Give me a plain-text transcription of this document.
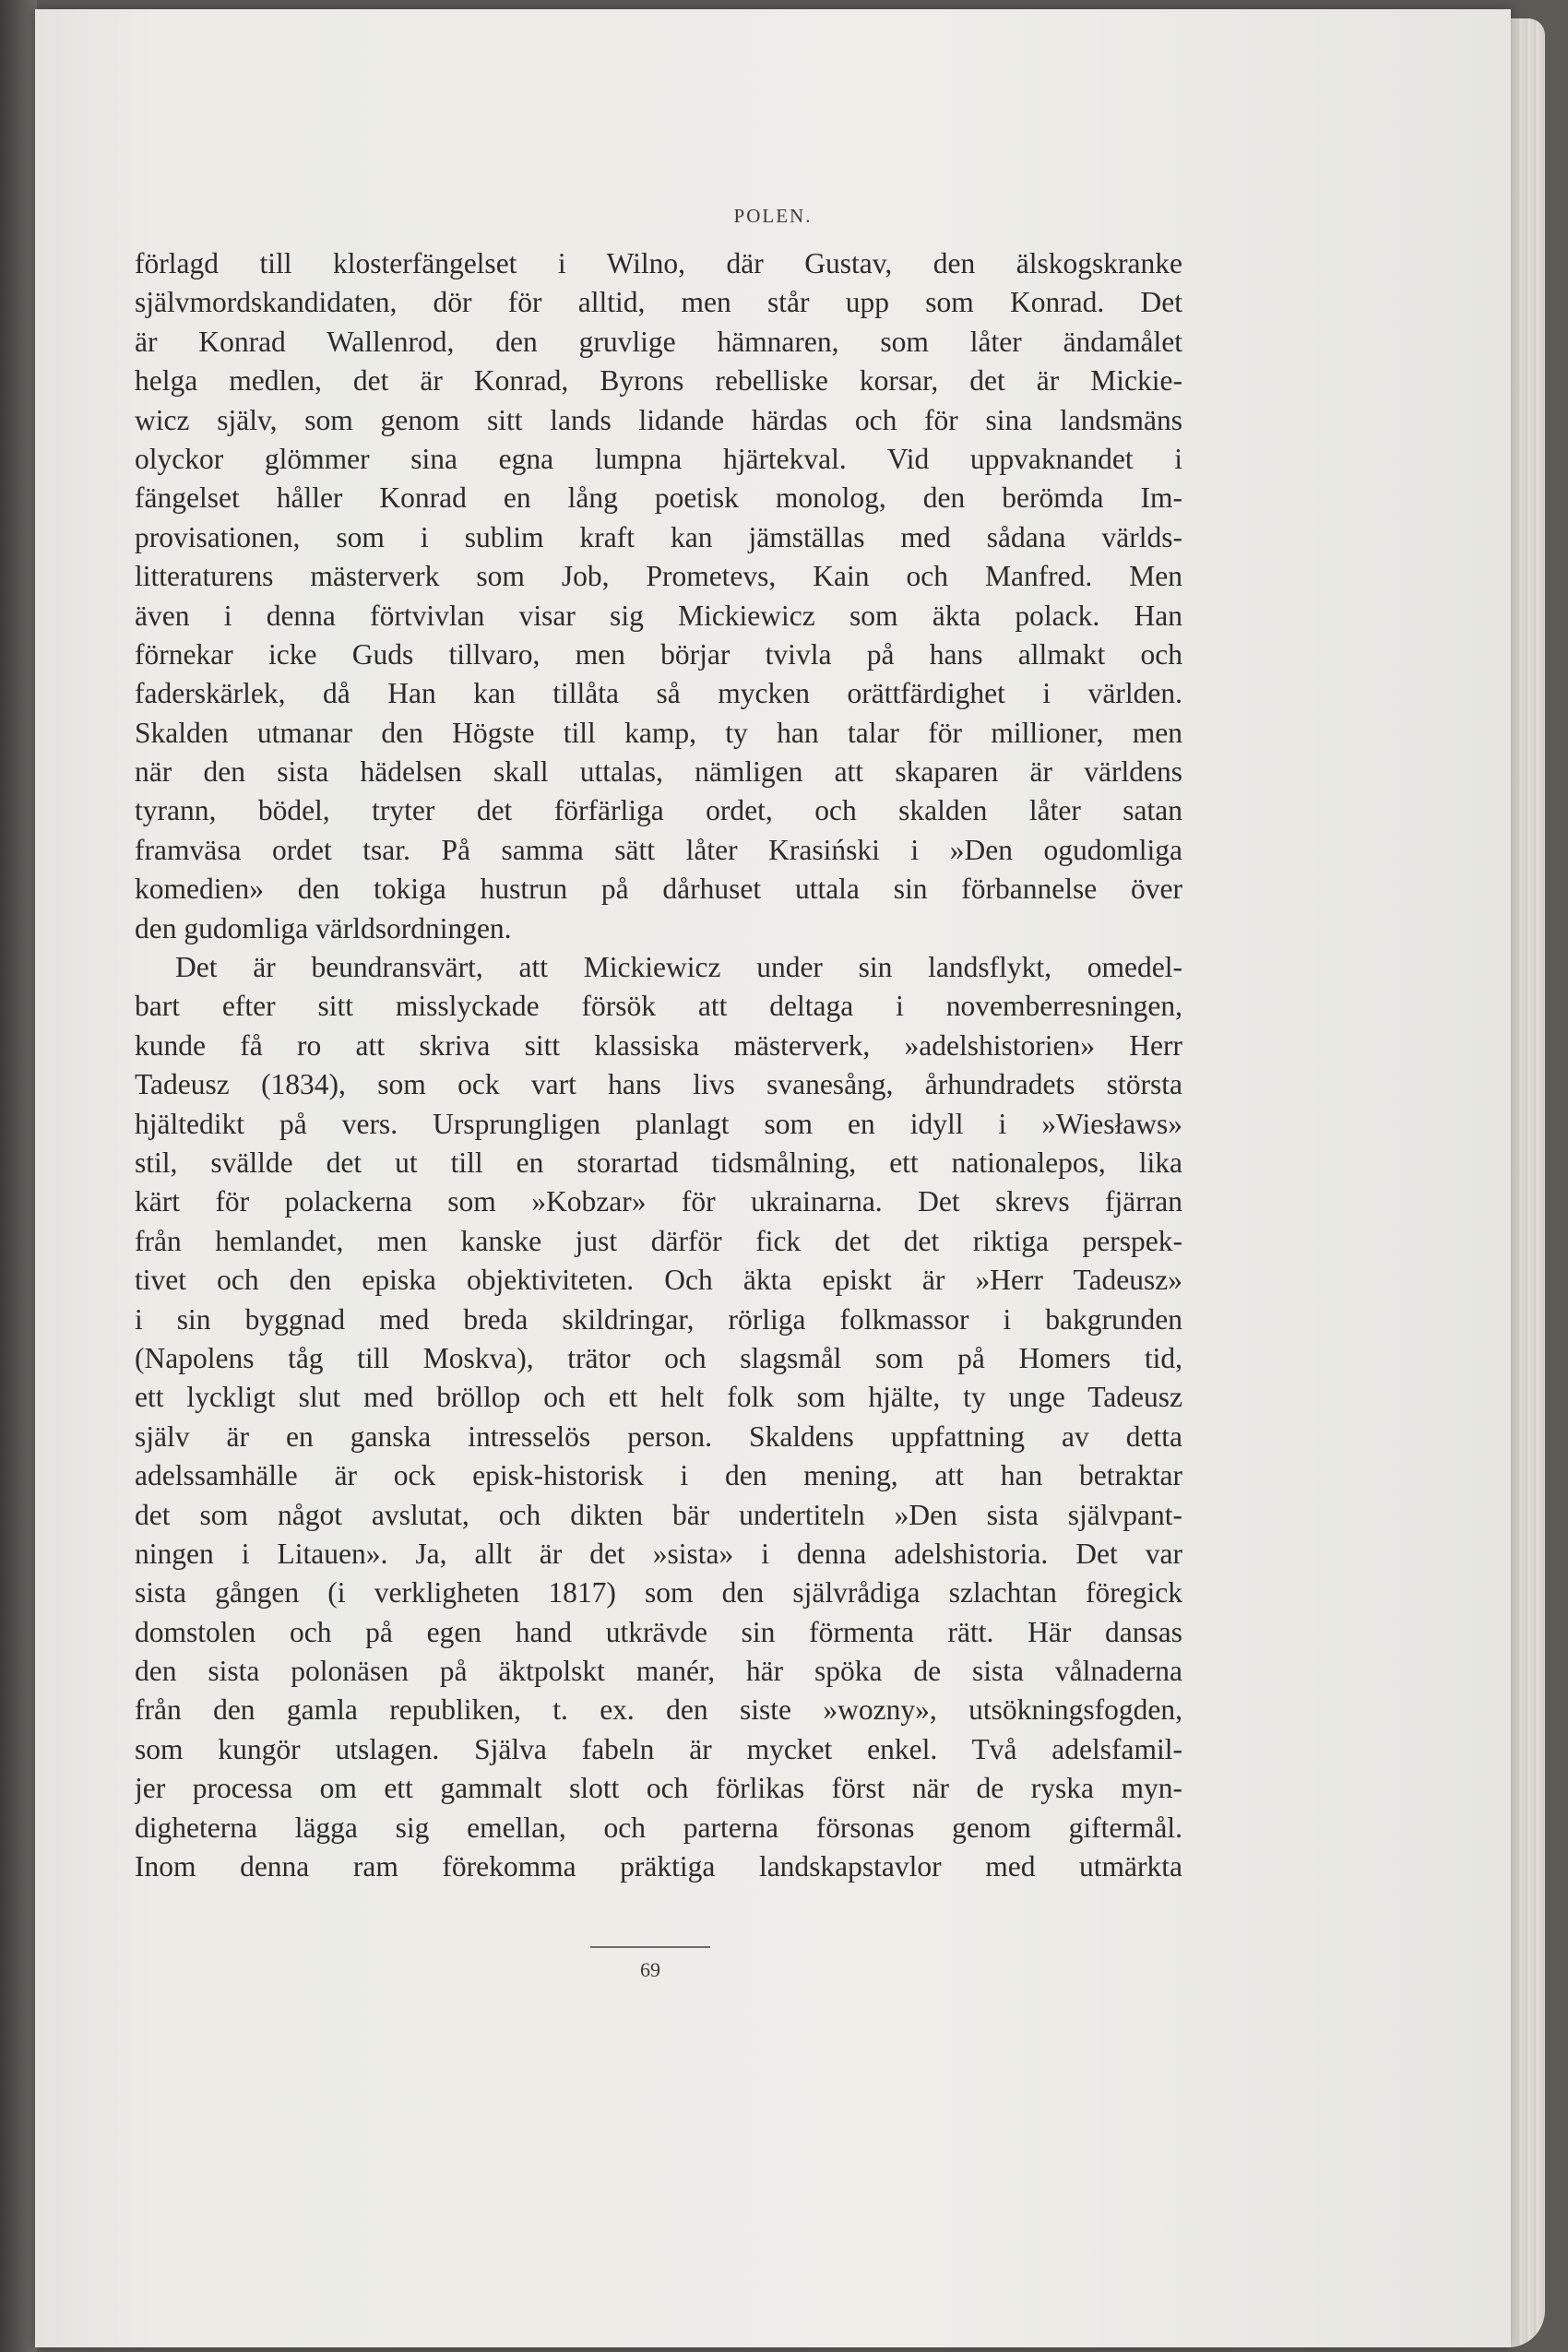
POLEN.
förlagd till klosterfängelset i Wilno, där Gustav, den älskogskranke
självmordskandidaten, dör för alltid, men står upp som Konrad. Det
är Konrad Wallenrod, den gruvlige hämnaren, som låter ändamålet
helga medlen, det är Konrad, Byrons rebelliske korsar, det är Mickie-
wicz själv, som genom sitt lands lidande härdas och för sina landsmäns
olyckor glömmer sina egna lumpna hjärtekval. Vid uppvaknandet i
fängelset håller Konrad en lång poetisk monolog, den berömda Im-
provisationen, som i sublim kraft kan jämställas med sådana världs-
litteraturens mästerverk som Job, Prometevs, Kain och Manfred. Men
även i denna förtvivlan visar sig Mickiewicz som äkta polack. Han
förnekar icke Guds tillvaro, men börjar tvivla på hans allmakt och
faderskärlek, då Han kan tillåta så mycken orättfärdighet i världen.
Skalden utmanar den Högste till kamp, ty han talar för millioner, men
när den sista hädelsen skall uttalas, nämligen att skaparen är världens
tyrann, bödel, tryter det förfärliga ordet, och skalden låter satan
framväsa ordet tsar. På samma sätt låter Krasiński i »Den ogudomliga
komedien» den tokiga hustrun på dårhuset uttala sin förbannelse över
den gudomliga världsordningen.
Det är beundransvärt, att Mickiewicz under sin landsflykt, omedel-
bart efter sitt misslyckade försök att deltaga i novemberresningen,
kunde få ro att skriva sitt klassiska mästerverk, »adelshistorien» Herr
Tadeusz (1834), som ock vart hans livs svanesång, århundradets största
hjältedikt på vers. Ursprungligen planlagt som en idyll i »Wiesławs»
stil, svällde det ut till en storartad tidsmålning, ett nationalepos, lika
kärt för polackerna som »Kobzar» för ukrainarna. Det skrevs fjärran
från hemlandet, men kanske just därför fick det det riktiga perspek-
tivet och den episka objektiviteten. Och äkta episkt är »Herr Tadeusz»
i sin byggnad med breda skildringar, rörliga folkmassor i bakgrunden
(Napolens tåg till Moskva), trätor och slagsmål som på Homers tid,
ett lyckligt slut med bröllop och ett helt folk som hjälte, ty unge Tadeusz
själv är en ganska intresselös person. Skaldens uppfattning av detta
adelssamhälle är ock episk-historisk i den mening, att han betraktar
det som något avslutat, och dikten bär undertiteln »Den sista självpant-
ningen i Litauen». Ja, allt är det »sista» i denna adelshistoria. Det var
sista gången (i verkligheten 1817) som den självrådiga szlachtan föregick
domstolen och på egen hand utkrävde sin förmenta rätt. Här dansas
den sista polonäsen på äktpolskt manér, här spöka de sista vålnaderna
från den gamla republiken, t. ex. den siste »wozny», utsökningsfogden,
som kungör utslagen. Själva fabeln är mycket enkel. Två adelsfamil-
jer processa om ett gammalt slott och förlikas först när de ryska myn-
digheterna lägga sig emellan, och parterna försonas genom giftermål.
Inom denna ram förekomma präktiga landskapstavlor med utmärkta
69
